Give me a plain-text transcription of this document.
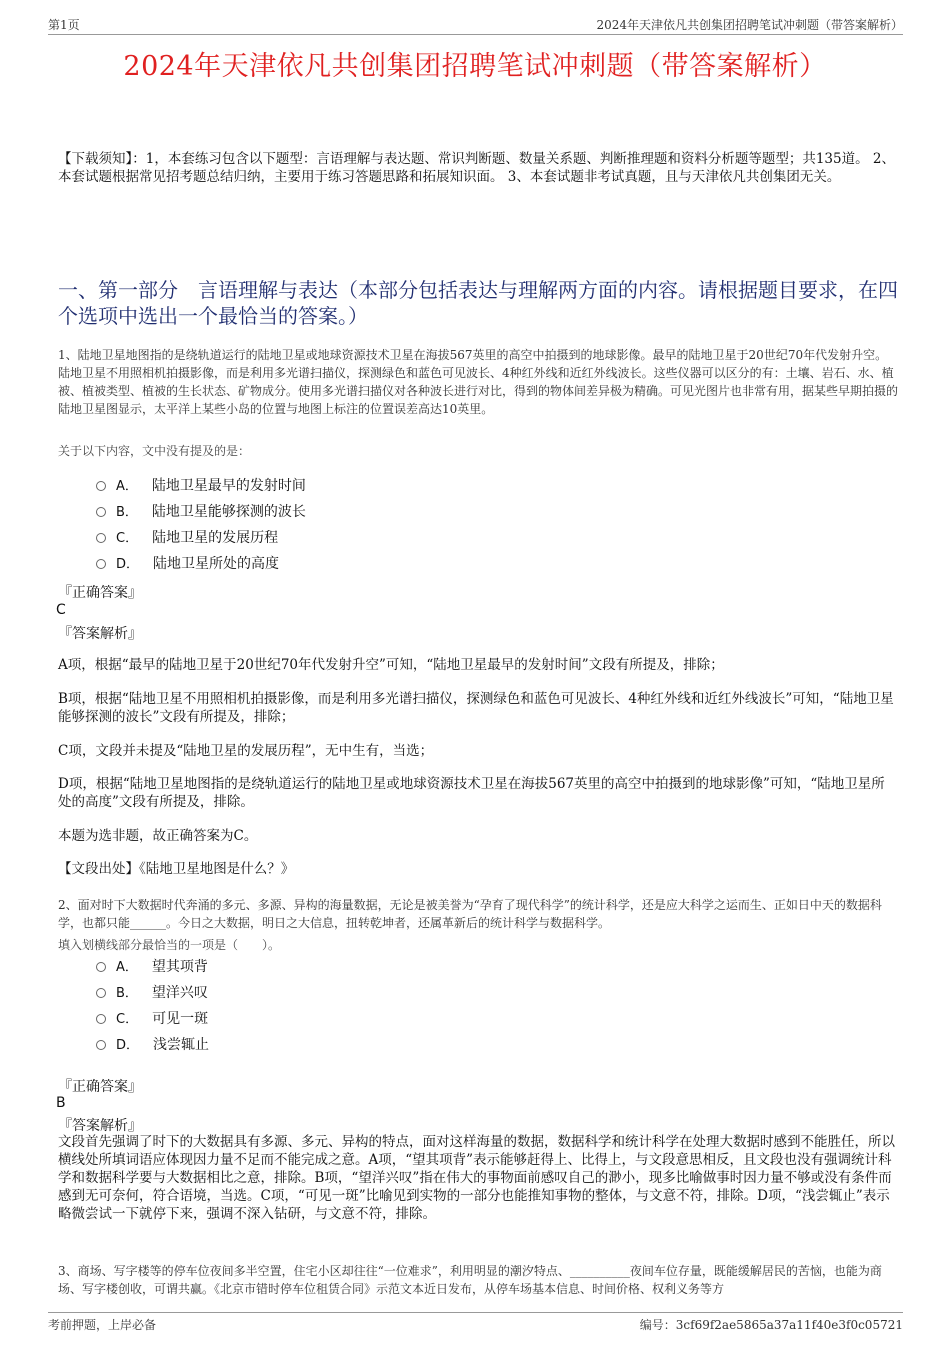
第1页	2024年天津依凡共创集团招聘笔试冲刺题（带答案解析）
2024年天津依凡共创集团招聘笔试冲刺题（带答案解析）
【下载须知】：1，本套练习包含以下题型：言语理解与表达题、常识判断题、数量关系题、判断推理题和资料分析题等题型；共135道。 2、本套试题根据常见招考题总结归纳，主要用于练习答题思路和拓展知识面。 3、本套试题非考试真题，且与天津依凡共创集团无关。
一、第一部分　言语理解与表达（本部分包括表达与理解两方面的内容。请根据题目要求，在四个选项中选出一个最恰当的答案。）
1、陆地卫星地图指的是绕轨道运行的陆地卫星或地球资源技术卫星在海拔567英里的高空中拍摄到的地球影像。最早的陆地卫星于20世纪70年代发射升空。陆地卫星不用照相机拍摄影像，而是利用多光谱扫描仪，探测绿色和蓝色可见波长、4种红外线和近红外线波长。这些仪器可以区分的有：土壤、岩石、水、植被、植被类型、植被的生长状态、矿物成分。使用多光谱扫描仪对各种波长进行对比，得到的物体间差异极为精确。可见光图片也非常有用，据某些早期拍摄的陆地卫星图显示，太平洋上某些小岛的位置与地图上标注的位置误差高达10英里。
关于以下内容，文中没有提及的是：
A． 陆地卫星最早的发射时间
B． 陆地卫星能够探测的波长
C． 陆地卫星的发展历程
D． 陆地卫星所处的高度
『正确答案』
C
『答案解析』
A项，根据“最早的陆地卫星于20世纪70年代发射升空”可知，“陆地卫星最早的发射时间”文段有所提及，排除；
B项，根据“陆地卫星不用照相机拍摄影像，而是利用多光谱扫描仪，探测绿色和蓝色可见波长、4种红外线和近红外线波长”可知，“陆地卫星能够探测的波长”文段有所提及，排除；
C项，文段并未提及“陆地卫星的发展历程”，无中生有，当选；
D项，根据“陆地卫星地图指的是绕轨道运行的陆地卫星或地球资源技术卫星在海拔567英里的高空中拍摄到的地球影像”可知，“陆地卫星所处的高度”文段有所提及，排除。
本题为选非题，故正确答案为C。
【文段出处】《陆地卫星地图是什么？》
2、面对时下大数据时代奔涌的多元、多源、异构的海量数据，无论是被美誉为“孕育了现代科学”的统计科学，还是应大科学之运而生、正如日中天的数据科学，也都只能______。今日之大数据，明日之大信息，扭转乾坤者，还属革新后的统计科学与数据科学。
填入划横线部分最恰当的一项是（　　）。
A． 望其项背
B． 望洋兴叹
C． 可见一斑
D． 浅尝辄止
『正确答案』
B
『答案解析』
文段首先强调了时下的大数据具有多源、多元、异构的特点，面对这样海量的数据，数据科学和统计科学在处理大数据时感到不能胜任，所以横线处所填词语应体现因力量不足而不能完成之意。A项，“望其项背”表示能够赶得上、比得上，与文段意思相反，且文段也没有强调统计科学和数据科学要与大数据相比之意，排除。B项，“望洋兴叹”指在伟大的事物面前感叹自己的渺小，现多比喻做事时因力量不够或没有条件而感到无可奈何，符合语境，当选。C项，“可见一斑”比喻见到实物的一部分也能推知事物的整体，与文意不符，排除。D项，“浅尝辄止”表示略微尝试一下就停下来，强调不深入钻研，与文意不符，排除。
3、商场、写字楼等的停车位夜间多半空置，住宅小区却往往“一位难求”，利用明显的潮汐特点、__________夜间车位存量，既能缓解居民的苦恼，也能为商场、写字楼创收，可谓共赢。《北京市错时停车位租赁合同》示范文本近日发布，从停车场基本信息、时间价格、权利义务等方
考前押题，上岸必备	编号：3cf69f2ae5865a37a11f40e3f0c05721
